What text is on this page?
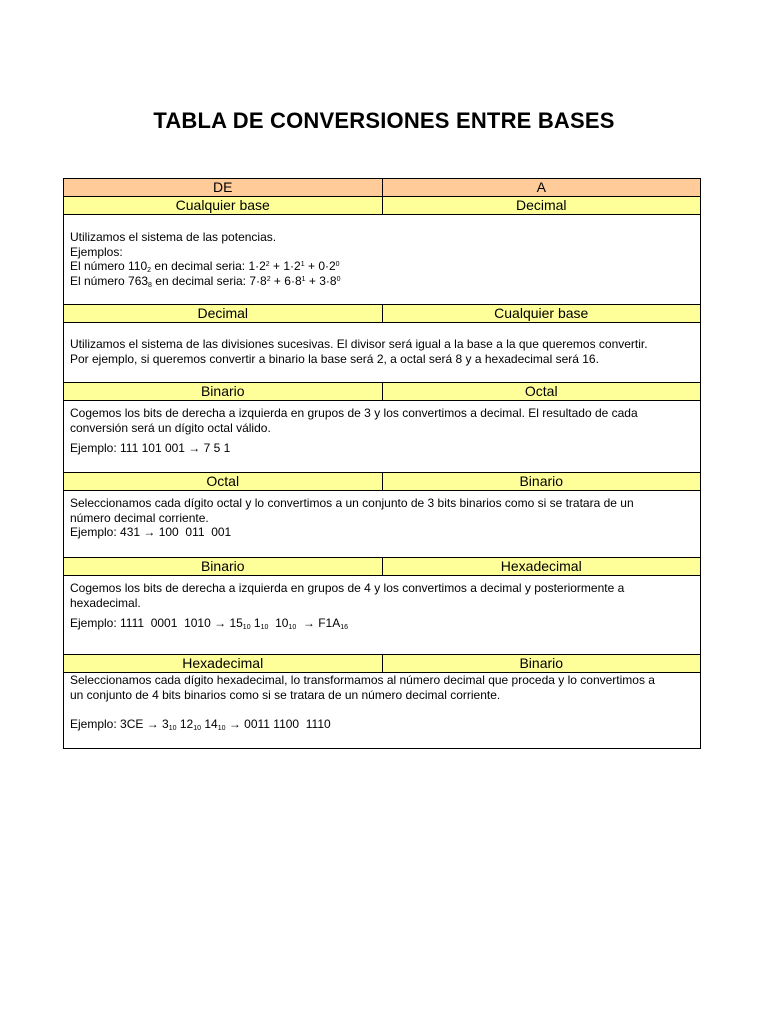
TABLA DE CONVERSIONES ENTRE BASES
DE	A
Cualquier base	Decimal
Utilizamos el sistema de las potencias.
Ejemplos:
El número $110_2$ en decimal seria: $1\cdot 2^2 + 1\cdot 2^1 + 0\cdot 2^0$
El número $763_8$ en decimal seria: $7\cdot 8^2 + 6\cdot 8^1 + 3\cdot 8^0$
Decimal	Cualquier base
Utilizamos el sistema de las divisiones sucesivas. El divisor será igual a la base a la que queremos convertir.
Por ejemplo, si queremos convertir a binario la base será 2, a octal será 8 y a hexadecimal será 16.
Binario	Octal
Cogemos los bits de derecha a izquierda en grupos de 3 y los convertimos a decimal. El resultado de cada
conversión será un dígito octal válido.
Ejemplo: 111 101 001 → 7 5 1
Octal	Binario
Seleccionamos cada dígito octal y lo convertimos a un conjunto de 3 bits binarios como si se tratara de un
número decimal corriente.
Ejemplo: 431 → 100  011  001
Binario	Hexadecimal
Cogemos los bits de derecha a izquierda en grupos de 4 y los convertimos a decimal y posteriormente a
hexadecimal.
Ejemplo: 1111  0001  $1010 \to 15_{10}$ $1_{10}$  $10_{10} \to F1A_{16}$
Hexadecimal	Binario
Seleccionamos cada dígito hexadecimal, lo transformamos al número decimal que proceda y lo convertimos a
un conjunto de 4 bits binarios como si se tratara de un número decimal corriente.
Ejemplo: $3CE \to 3_{10}$ $12_{10}$ $14_{10} \to 0011$ 1100  1110
